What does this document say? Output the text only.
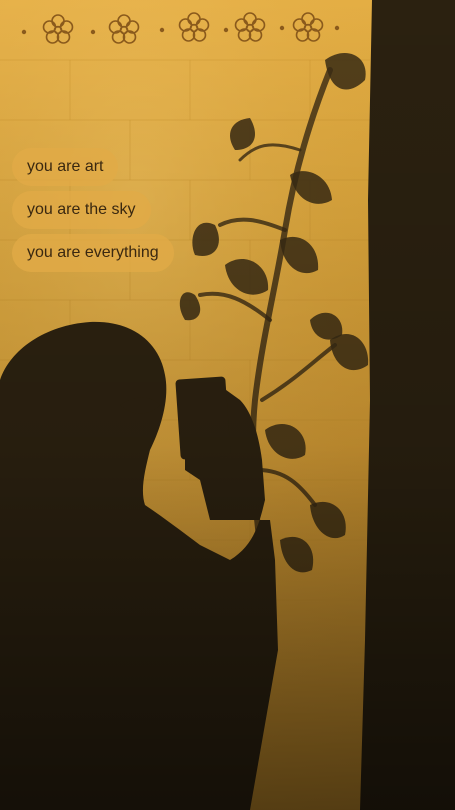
you are art
you are the sky
you are everything
